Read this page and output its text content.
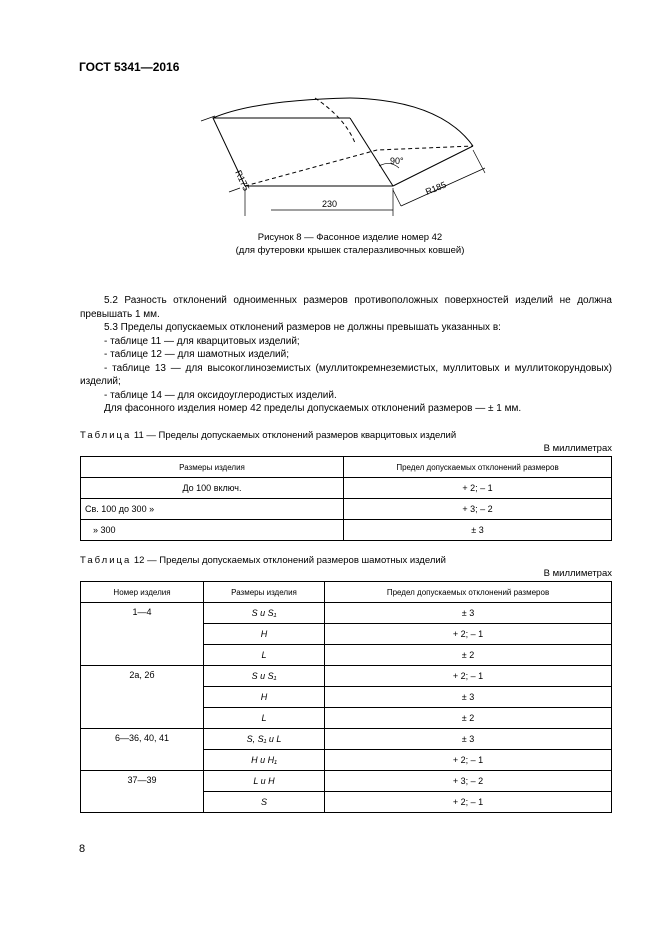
ГОСТ 5341—2016
R175	R185
90°
230
Рисунок 8 — Фасонное изделие номер 42
(для футеровки крышек сталеразливочных ковшей)

5.2 Разность отклонений одноименных размеров противоположных поверхностей изделий не должна превышать 1 мм.

5.3 Пределы допускаемых отклонений размеров не должны превышать указанных в:

- таблице 11 — для кварцитовых изделий;

- таблице 12 — для шамотных изделий;

- таблице 13 — для высокоглиноземистых (муллитокремнеземистых, муллитовых и муллитокорундовых) изделий;

- таблице 14 — для оксидоуглеродистых изделий.

Для фасонного изделия номер 42 пределы допускаемых отклонений размеров — ± 1 мм.

Таблица 11 — Пределы допускаемых отклонений размеров кварцитовых изделий
В миллиметрах
Размеры изделия	Предел допускаемых отклонений размеров
До 100 включ.	+ 2; – 1
Св. 100 до 300 »	+ 3; – 2
» 300	± 3
Таблица 12 — Пределы допускаемых отклонений размеров шамотных изделий
В миллиметрах
Номер изделия	Размеры изделия	Предел допускаемых отклонений размеров
1—4	S и S₁	± 3
	H	+ 2; – 1
	L	± 2
2а, 2б	S и S₁	+ 2; – 1
	H	± 3
	L	± 2
6—36, 40, 41	S, S₁ и L	± 3
	H и H₁	+ 2; – 1
37—39	L и H	+ 3; – 2
	S	+ 2; – 1
8
